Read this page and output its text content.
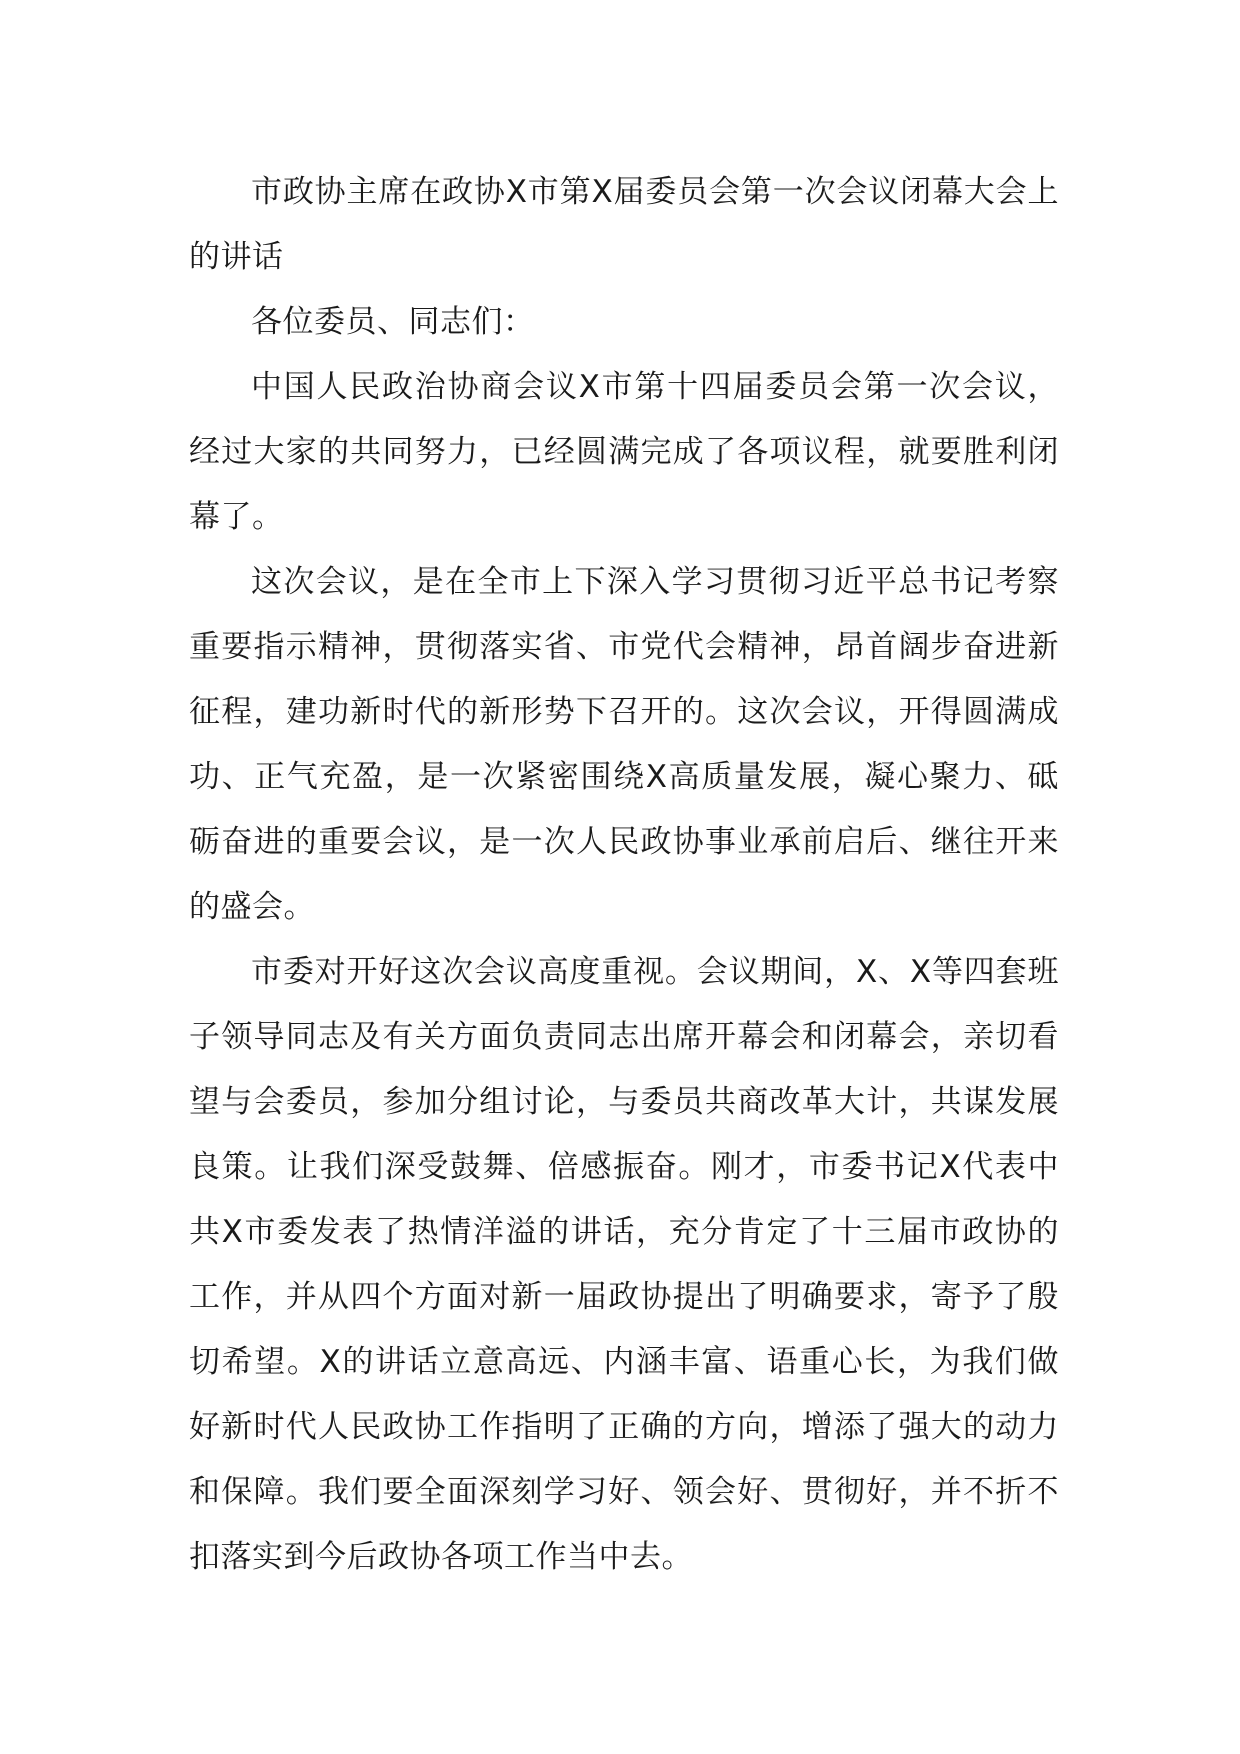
市政协主席在政协X市第X届委员会第一次会议闭幕大会上的讲话

各位委员、同志们：

中国人民政治协商会议X市第十四届委员会第一次会议，经过大家的共同努力，已经圆满完成了各项议程，就要胜利闭幕了。

这次会议，是在全市上下深入学习贯彻习近平总书记考察重要指示精神，贯彻落实省、市党代会精神，昂首阔步奋进新征程，建功新时代的新形势下召开的。这次会议，开得圆满成功、正气充盈，是一次紧密围绕X高质量发展，凝心聚力、砥砺奋进的重要会议，是一次人民政协事业承前启后、继往开来的盛会。

市委对开好这次会议高度重视。会议期间，X、X等四套班子领导同志及有关方面负责同志出席开幕会和闭幕会，亲切看望与会委员，参加分组讨论，与委员共商改革大计，共谋发展良策。让我们深受鼓舞、倍感振奋。刚才，市委书记X代表中共X市委发表了热情洋溢的讲话，充分肯定了十三届市政协的工作，并从四个方面对新一届政协提出了明确要求，寄予了殷切希望。X的讲话立意高远、内涵丰富、语重心长，为我们做好新时代人民政协工作指明了正确的方向，增添了强大的动力和保障。我们要全面深刻学习好、领会好、贯彻好，并不折不扣落实到今后政协各项工作当中去。
